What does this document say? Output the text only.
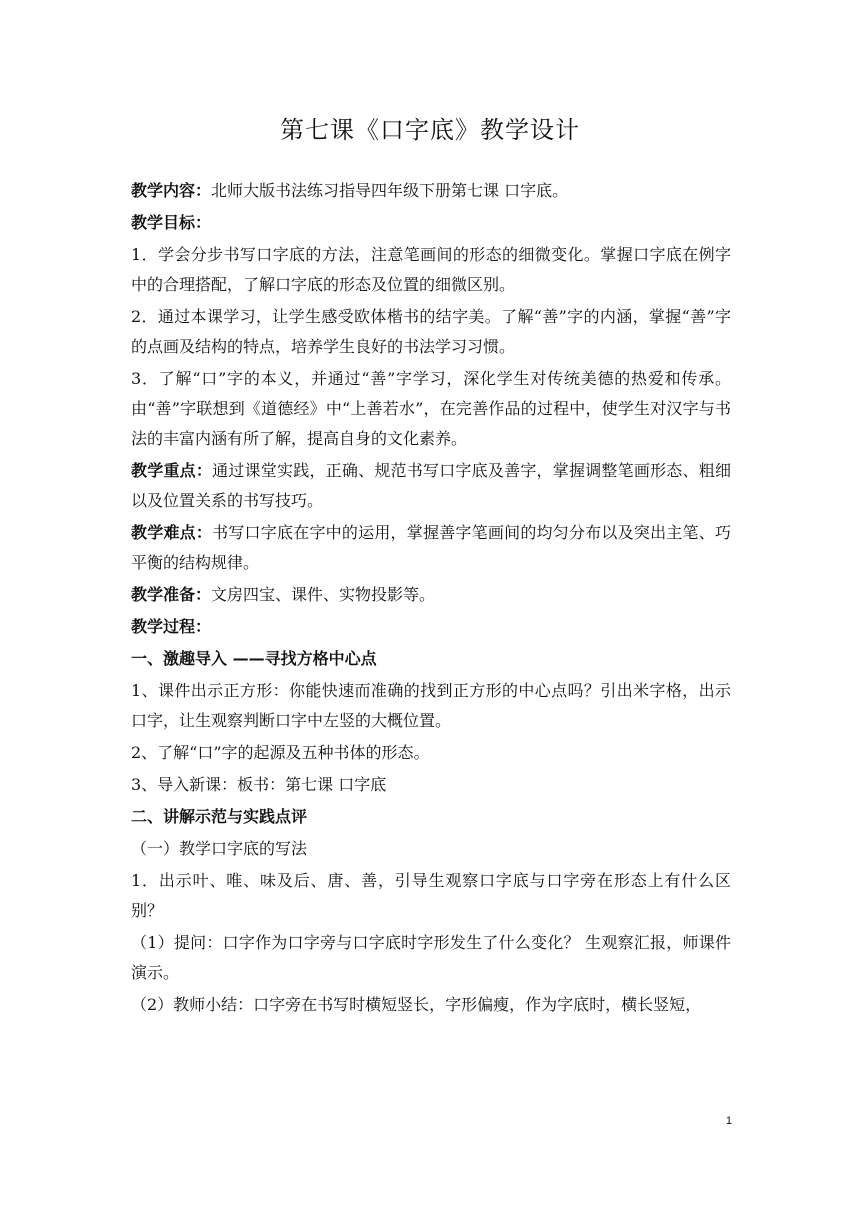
第七课《口字底》教学设计

教学内容：北师大版书法练习指导四年级下册第七课 口字底。

教学目标：

1．学会分步书写口字底的方法，注意笔画间的形态的细微变化。掌握口字底在例字中的合理搭配，了解口字底的形态及位置的细微区别。

2．通过本课学习，让学生感受欧体楷书的结字美。了解“善”字的内涵，掌握“善”字的点画及结构的特点，培养学生良好的书法学习习惯。

3．了解“口”字的本义，并通过“善”字学习，深化学生对传统美德的热爱和传承。由“善”字联想到《道德经》中“上善若水”，在完善作品的过程中，使学生对汉字与书法的丰富内涵有所了解，提高自身的文化素养。

教学重点：通过课堂实践，正确、规范书写口字底及善字，掌握调整笔画形态、粗细以及位置关系的书写技巧。

教学难点：书写口字底在字中的运用，掌握善字笔画间的均匀分布以及突出主笔、巧平衡的结构规律。

教学准备：文房四宝、课件、实物投影等。

教学过程：

一、激趣导入 ——寻找方格中心点

1、课件出示正方形：你能快速而准确的找到正方形的中心点吗？引出米字格，出示口字，让生观察判断口字中左竖的大概位置。

2、了解“口”字的起源及五种书体的形态。

3、导入新课：板书：第七课 口字底

二、讲解示范与实践点评

（一）教学口字底的写法

1．出示叶、唯、味及后、唐、善，引导生观察口字底与口字旁在形态上有什么区别？

（1）提问：口字作为口字旁与口字底时字形发生了什么变化？ 生观察汇报，师课件演示。

（2）教师小结：口字旁在书写时横短竖长，字形偏瘦，作为字底时，横长竖短，

1
